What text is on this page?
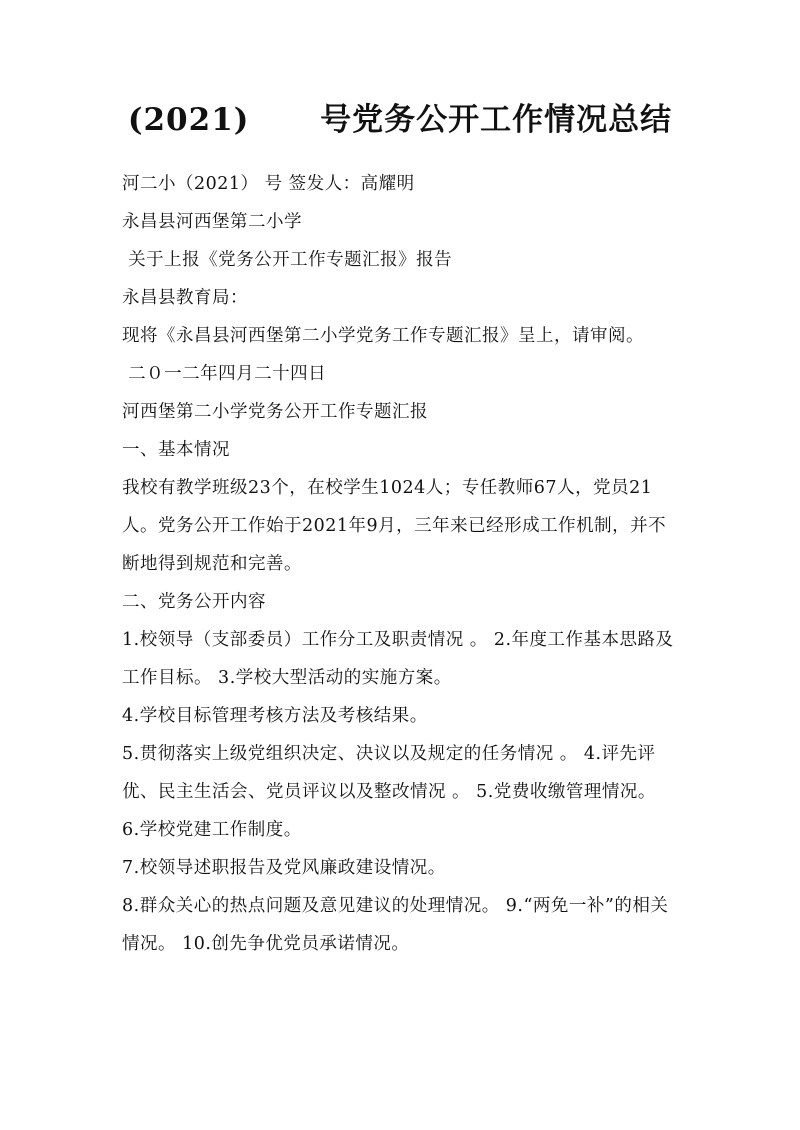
(2021)      号党务公开工作情况总结
河二小（2021） 号 签发人：高耀明
永昌县河西堡第二小学
关于上报《党务公开工作专题汇报》报告
永昌县教育局：
现将《永昌县河西堡第二小学党务工作专题汇报》呈上，请审阅。
二０一二年四月二十四日
河西堡第二小学党务公开工作专题汇报
一、基本情况
我校有教学班级23个，在校学生1024人；专任教师67人，党员21人。党务公开工作始于2021年9月，三年来已经形成工作机制，并不断地得到规范和完善。
二、党务公开内容
1.校领导（支部委员）工作分工及职责情况 。 2.年度工作基本思路及工作目标。 3.学校大型活动的实施方案。
4.学校目标管理考核方法及考核结果。
5.贯彻落实上级党组织决定、决议以及规定的任务情况 。 4.评先评优、民主生活会、党员评议以及整改情况 。 5.党费收缴管理情况。
6.学校党建工作制度。
7.校领导述职报告及党风廉政建设情况。
8.群众关心的热点问题及意见建议的处理情况。 9.“两免一补”的相关情况。 10.创先争优党员承诺情况。
